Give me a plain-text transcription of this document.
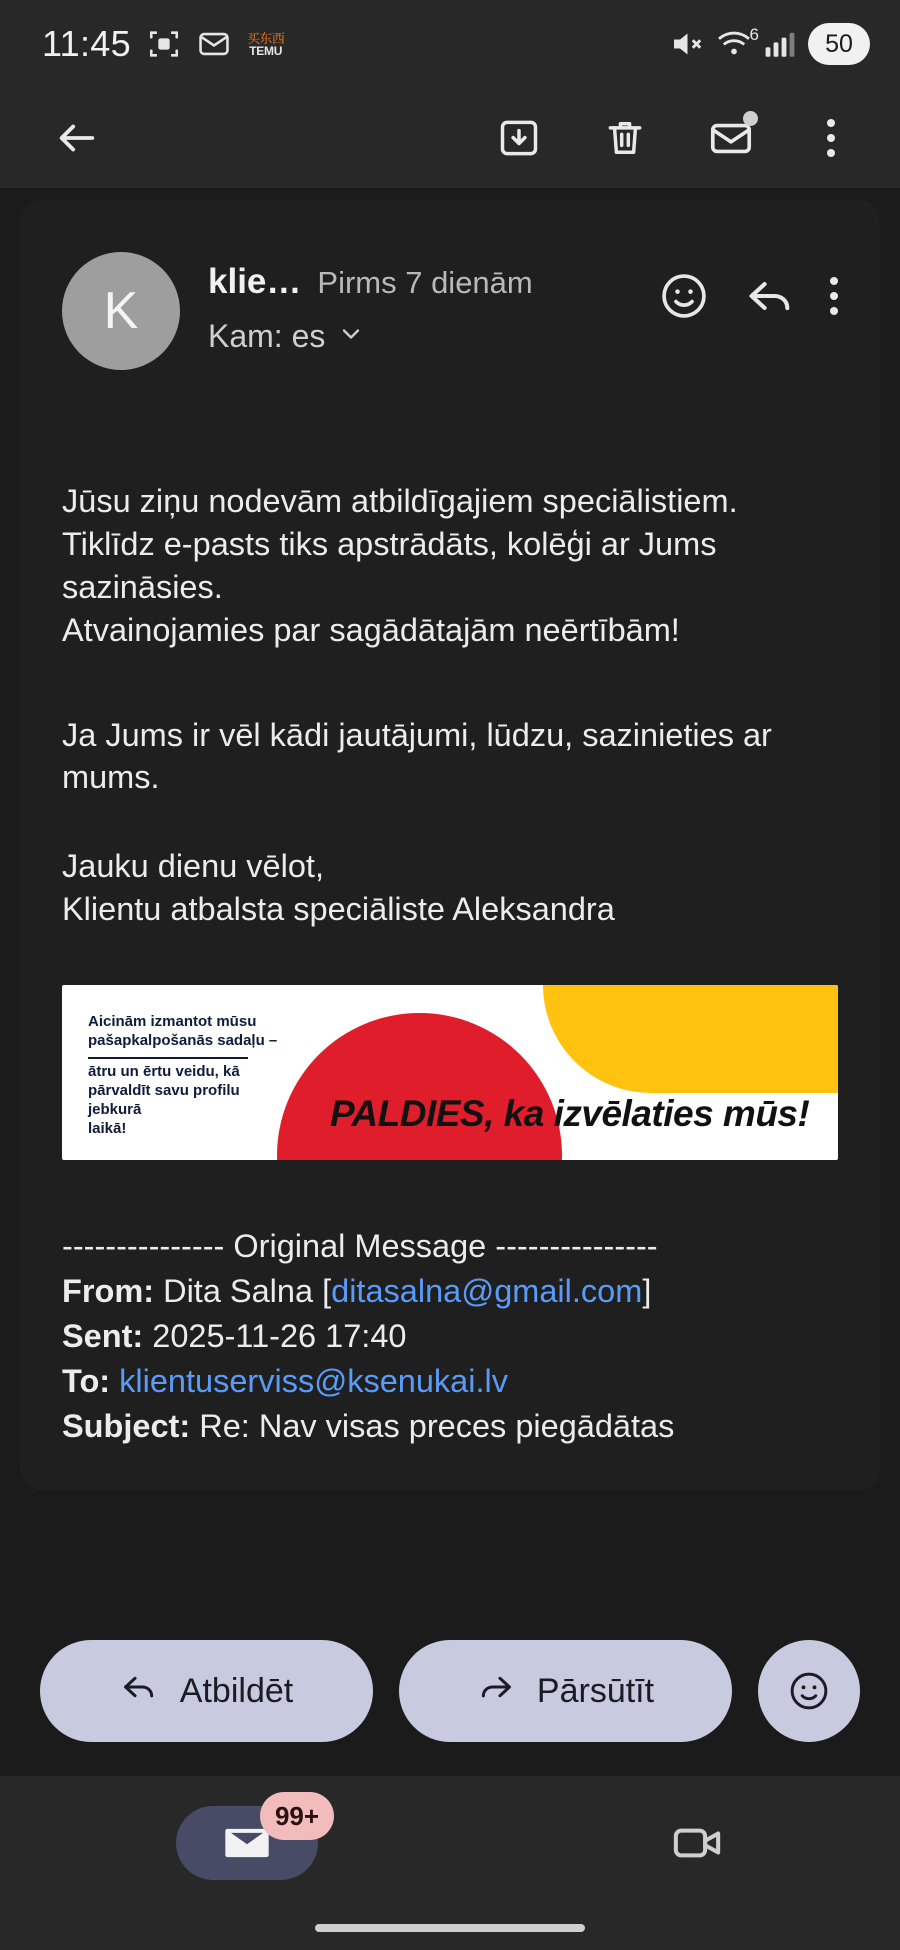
11:45	买东西
TEMU
6	50
K
klie… Pirms 7 dienām
Kam: es

Jūsu ziņu nodevām atbildīgajiem speciālistiem.

Tiklīdz e-pasts tiks apstrādāts, kolēģi ar Jums

sazināsies.

Atvainojamies par sagādātajām neērtībām!

Ja Jums ir vēl kādi jautājumi, lūdzu, sazinieties ar

mums.

Jauku dienu vēlot,

Klientu atbalsta speciāliste Aleksandra

Aicinām izmantot mūsu
pašapkalpošanās sadaļu –
ātru un ērtu veidu, kā
pārvaldīt savu profilu jebkurā
laikā!	PALDIES, ka izvēlaties mūs!
--------------- Original Message ---------------
From: Dita Salna [ditasalna@gmail.com]
Sent: 2025-11-26 17:40
To: klientuserviss@ksenukai.lv
Subject: Re: Nav visas preces piegādātas
Atbildēt	Pārsūtīt
99+
